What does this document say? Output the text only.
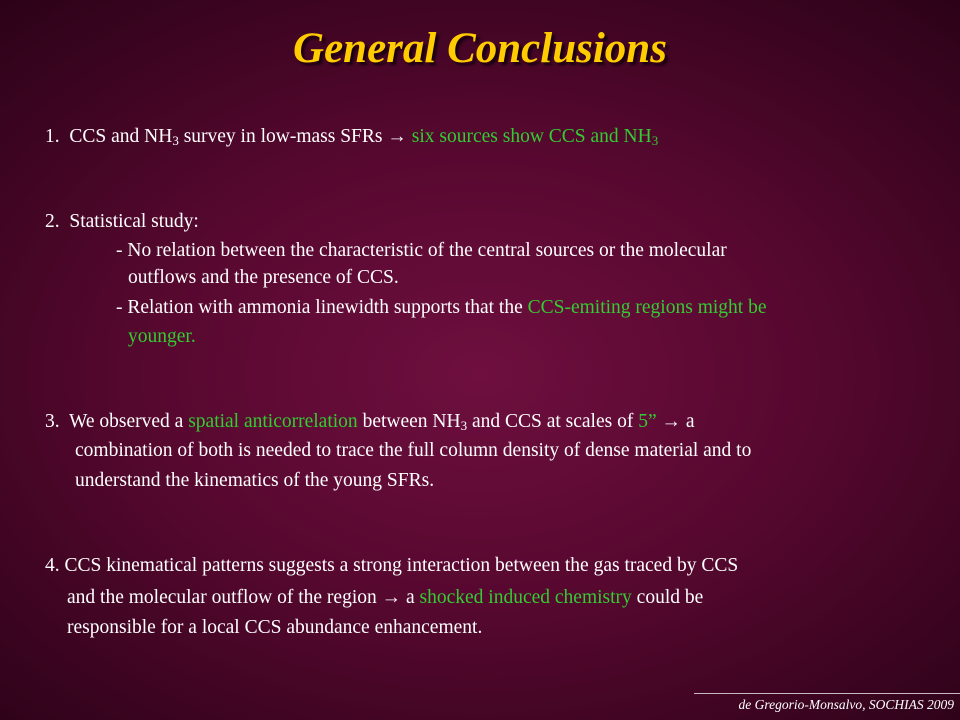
General Conclusions
1. CCS and $NH_3$ survey in low-mass SFRs → six sources show CCS and $NH_3$
2. Statistical study:
- No relation between the characteristic of the central sources or the molecular
outflows and the presence of CCS.
- Relation with ammonia linewidth supports that the CCS-emiting regions might be
younger.
3. We observed a spatial anticorrelation between $NH_3$ and CCS at scales of 5” → a
combination of both is needed to trace the full column density of dense material and to
understand the kinematics of the young SFRs.
4. CCS kinematical patterns suggests a strong interaction between the gas traced by CCS
and the molecular outflow of the region → a shocked induced chemistry could be
responsible for a local CCS abundance enhancement.
de Gregorio-Monsalvo, SOCHIAS 2009
